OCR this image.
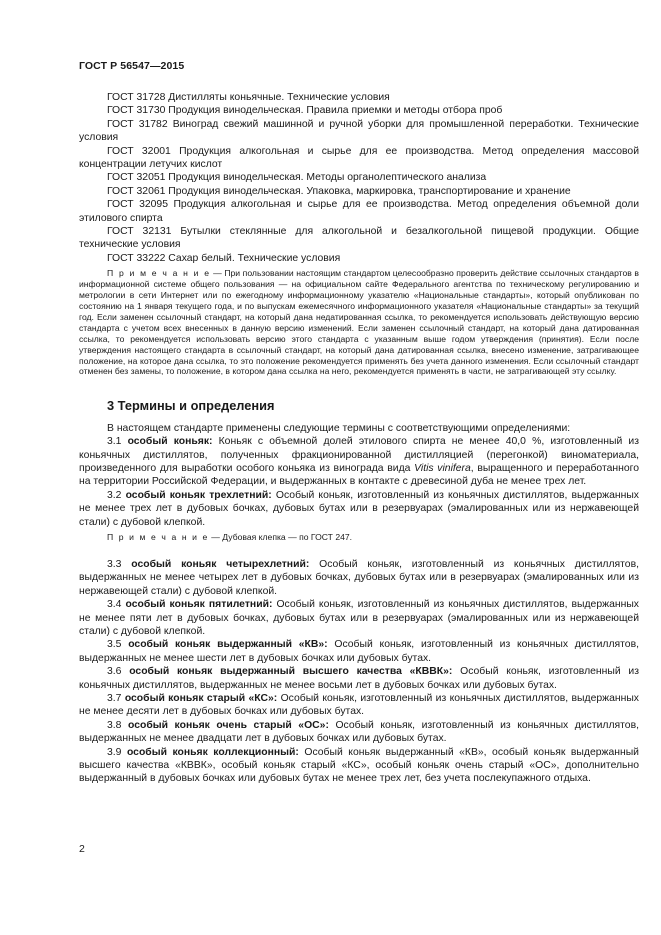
ГОСТ Р 56547—2015

ГОСТ 31728 Дистилляты коньячные. Технические условия

ГОСТ 31730 Продукция винодельческая. Правила приемки и методы отбора проб

ГОСТ 31782 Виноград свежий машинной и ручной уборки для промышленной переработки. Технические условия

ГОСТ 32001 Продукция алкогольная и сырье для ее производства. Метод определения массовой концентрации летучих кислот

ГОСТ 32051 Продукция винодельческая. Методы органолептического анализа

ГОСТ 32061 Продукция винодельческая. Упаковка, маркировка, транспортирование и хранение

ГОСТ 32095 Продукция алкогольная и сырье для ее производства. Метод определения объемной доли этилового спирта

ГОСТ 32131 Бутылки стеклянные для алкогольной и безалкогольной пищевой продукции. Общие технические условия

ГОСТ 33222 Сахар белый. Технические условия

П р и м е ч а н и е — При пользовании настоящим стандартом целесообразно проверить действие ссылочных стандартов в информационной системе общего пользования — на официальном сайте Федерального агентства по техническому регулированию и метрологии в сети Интернет или по ежегодному информационному указателю «Национальные стандарты», который опубликован по состоянию на 1 января текущего года, и по выпускам ежемесячного информационного указателя «Национальные стандарты» за текущий год. Если заменен ссылочный стандарт, на который дана недатированная ссылка, то рекомендуется использовать действующую версию стандарта с учетом всех внесенных в данную версию изменений. Если заменен ссылочный стандарт, на который дана датированная ссылка, то рекомендуется использовать версию этого стандарта с указанным выше годом утверждения (принятия). Если после утверждения настоящего стандарта в ссылочный стандарт, на который дана датированная ссылка, внесено изменение, затрагивающее положение, на которое дана ссылка, то это положение рекомендуется применять без учета данного изменения. Если ссылочный стандарт отменен без замены, то положение, в котором дана ссылка на него, рекомендуется применять в части, не затрагивающей эту ссылку.

3 Термины и определения

В настоящем стандарте применены следующие термины с соответствующими определениями:

3.1 особый коньяк: Коньяк с объемной долей этилового спирта не менее 40,0 %, изготовленный из коньячных дистиллятов, полученных фракционированной дистилляцией (перегонкой) виноматериала, произведенного для выработки особого коньяка из винограда вида Vitis vinifera, выращенного и переработанного на территории Российской Федерации, и выдержанных в контакте с древесиной дуба не менее трех лет.

3.2 особый коньяк трехлетний: Особый коньяк, изготовленный из коньячных дистиллятов, выдержанных не менее трех лет в дубовых бочках, дубовых бутах или в резервуарах (эмалированных или из нержавеющей стали) с дубовой клепкой.

П р и м е ч а н и е — Дубовая клепка — по ГОСТ 247.

3.3 особый коньяк четырехлетний: Особый коньяк, изготовленный из коньячных дистиллятов, выдержанных не менее четырех лет в дубовых бочках, дубовых бутах или в резервуарах (эмалированных или из нержавеющей стали) с дубовой клепкой.

3.4 особый коньяк пятилетний: Особый коньяк, изготовленный из коньячных дистиллятов, выдержанных не менее пяти лет в дубовых бочках, дубовых бутах или в резервуарах (эмалированных или из нержавеющей стали) с дубовой клепкой.

3.5 особый коньяк выдержанный «КВ»: Особый коньяк, изготовленный из коньячных дистиллятов, выдержанных не менее шести лет в дубовых бочках или дубовых бутах.

3.6 особый коньяк выдержанный высшего качества «КВВК»: Особый коньяк, изготовленный из коньячных дистиллятов, выдержанных не менее восьми лет в дубовых бочках или дубовых бутах.

3.7 особый коньяк старый «КС»: Особый коньяк, изготовленный из коньячных дистиллятов, выдержанных не менее десяти лет в дубовых бочках или дубовых бутах.

3.8 особый коньяк очень старый «ОС»: Особый коньяк, изготовленный из коньячных дистиллятов, выдержанных не менее двадцати лет в дубовых бочках или дубовых бутах.

3.9 особый коньяк коллекционный: Особый коньяк выдержанный «КВ», особый коньяк выдержанный высшего качества «КВВК», особый коньяк старый «КС», особый коньяк очень старый «ОС», дополнительно выдержанный в дубовых бочках или дубовых бутах не менее трех лет, без учета послекупажного отдыха.

2
